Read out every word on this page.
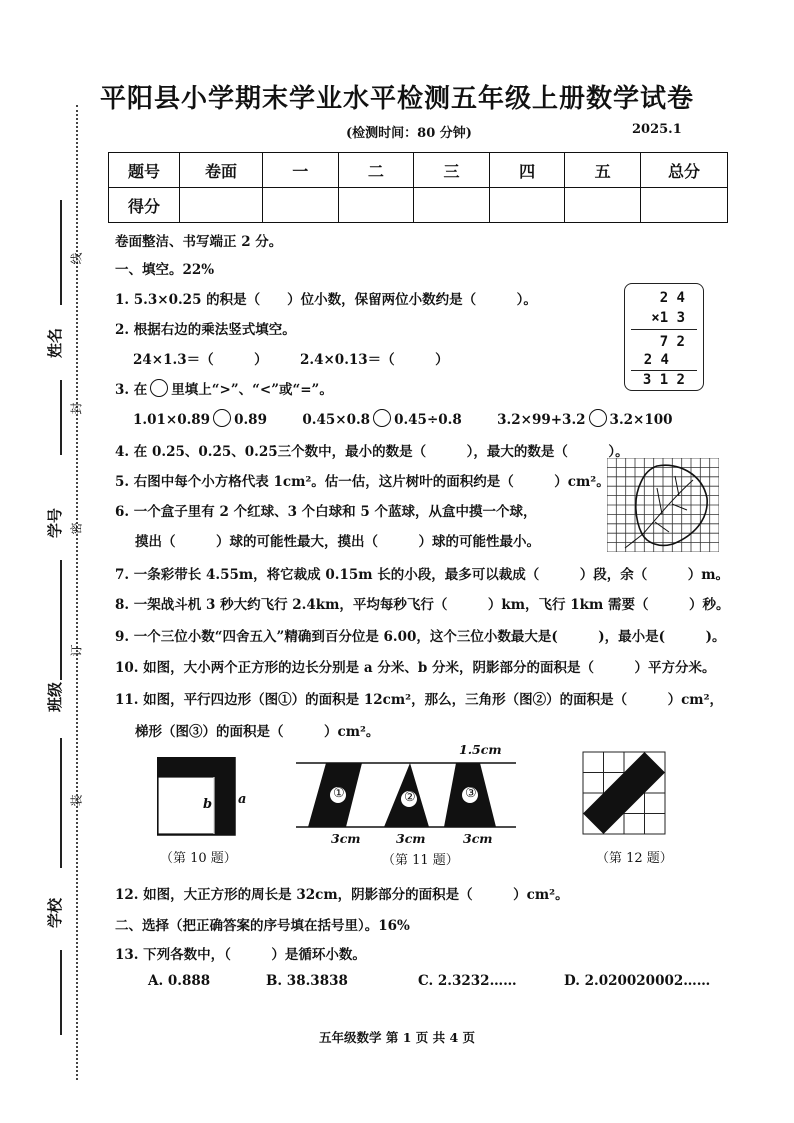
线
封
密
订
装
姓名
学号
班级
学校
平阳县小学期末学业水平检测五年级上册数学试卷
(检测时间：80 分钟)	2025.1
题号	卷面	一	二	三	四	五	总分
得分							
卷面整洁、书写端正 2 分。
一、填空。22%
1. 5.3×0.25 的积是（　　）位小数，保留两位小数约是（　　　）。
2. 根据右边的乘法竖式填空。
24×1.3＝（　　　） 2.4×0.13＝（　　　）
2 4
×1 3
7 2
2 4
3 1 2
3. 在 里填上“>”、“<”或“=”。
1.01×0.89 0.89	0.45×0.8 0.45÷0.8	3.2×99+3.2 3.2×100
4. 在 0.25、0.2̇5、0.25̇三个数中，最小的数是（　　　），最大的数是（　　　）。
5. 右图中每个小方格代表 1cm²。估一估，这片树叶的面积约是（　　　）cm²。
6. 一个盒子里有 2 个红球、3 个白球和 5 个蓝球，从盒中摸一个球，
摸出（　　　）球的可能性最大，摸出（　　　）球的可能性最小。
7. 一条彩带长 4.55m，将它裁成 0.15m 长的小段，最多可以裁成（　　　）段，余（　　　）m。
8. 一架战斗机 3 秒大约飞行 2.4km，平均每秒飞行（　　　）km，飞行 1km 需要（　　　）秒。
9. 一个三位小数“四舍五入”精确到百分位是 6.00，这个三位小数最大是(　　　)，最小是(　　　)。
10. 如图，大小两个正方形的边长分别是 a 分米、b 分米，阴影部分的面积是（　　　）平方分米。
11. 如图，平行四边形（图①）的面积是 12cm²，那么，三角形（图②）的面积是（　　　）cm²，
梯形（图③）的面积是（　　　）cm²。
b a
（第 10 题）
①	②	③
1.5cm
3cm	3cm	3cm
（第 11 题）	（第 12 题）
12. 如图，大正方形的周长是 32cm，阴影部分的面积是（　　　）cm²。
二、选择（把正确答案的序号填在括号里）。16%
13. 下列各数中，（　　　）是循环小数。
A. 0.888	B. 38.3838	C. 2.3232……	D. 2.020020002……
五年级数学 第 1 页 共 4 页
